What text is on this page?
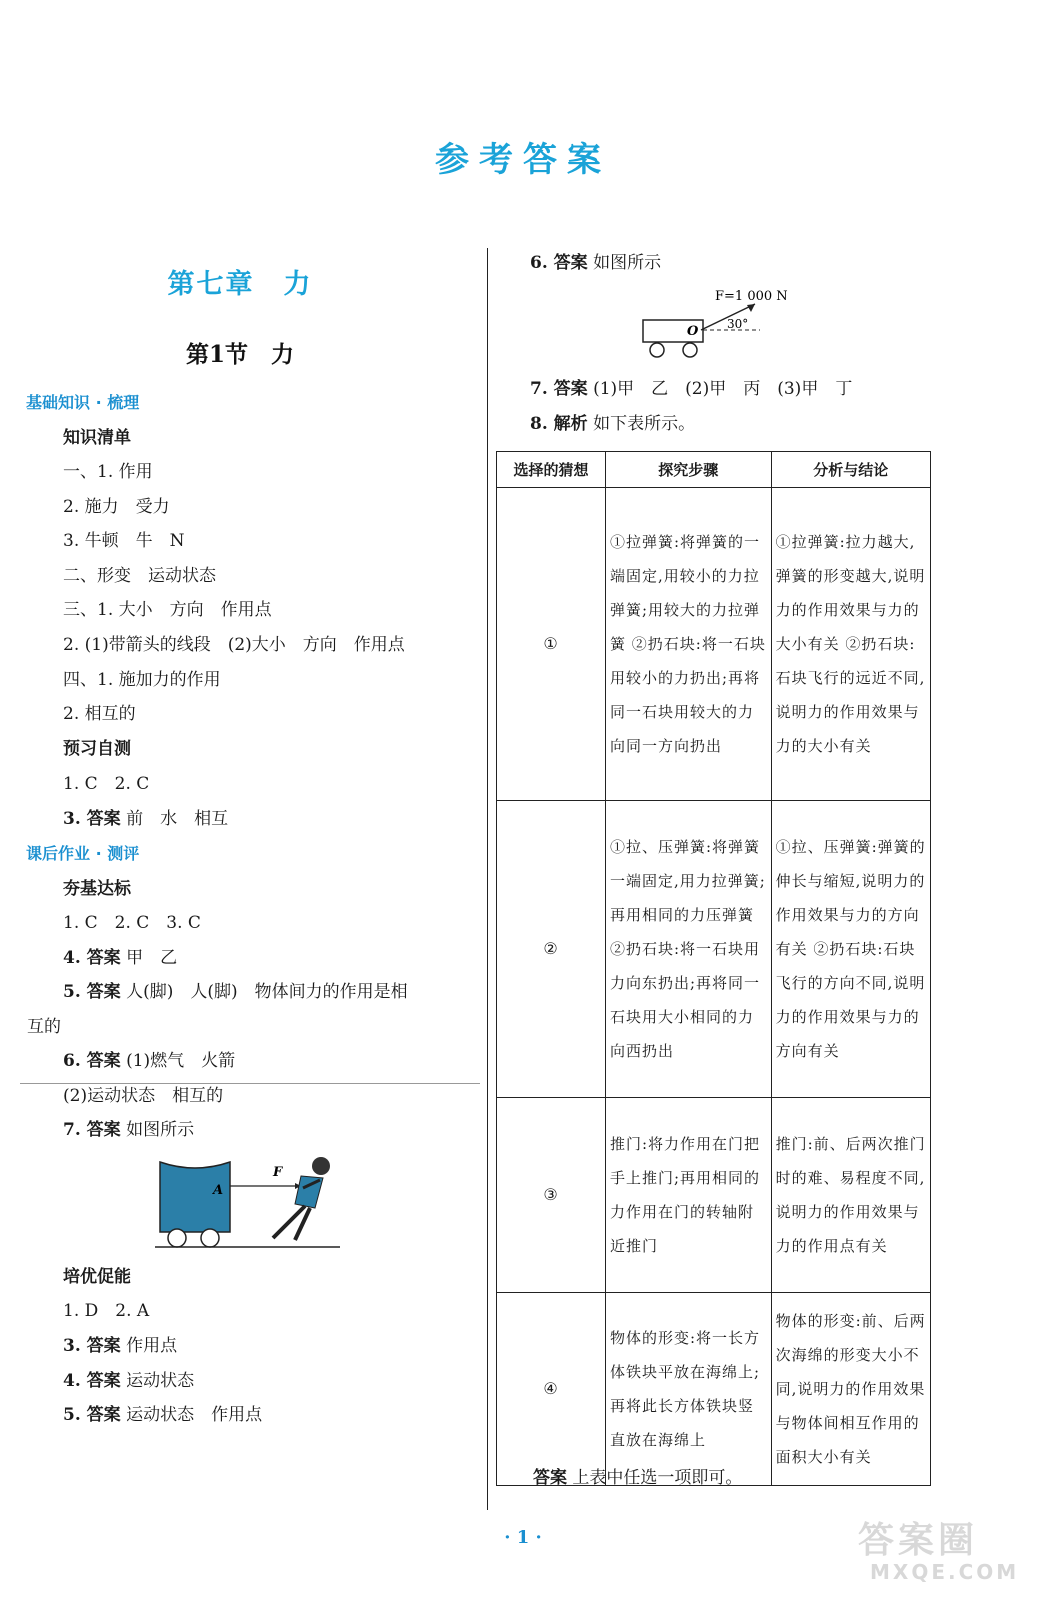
参考答案
第七章　力
第1节　力
基础知识 · 梳理
知识清单
一、1. 作用
2. 施力　受力
3. 牛顿　牛　N
二、形变　运动状态
三、1. 大小　方向　作用点
2. (1)带箭头的线段　(2)大小　方向　作用点
四、1. 施加力的作用
2. 相互的
预习自测
1. C　2. C
3. 答案 前　水　相互
课后作业 · 测评
夯基达标
1. C　2. C　3. C
4. 答案 甲　乙
5. 答案 人(脚)　人(脚)　物体间力的作用是相
互的
6. 答案 (1)燃气　火箭
(2)运动状态　相互的
7. 答案 如图所示
F
A
培优促能
1. D　2. A
3. 答案 作用点
4. 答案 运动状态
5. 答案 运动状态　作用点
6. 答案 如图所示
F=1 000 N
O 30°
7. 答案 (1)甲　乙　(2)甲　丙　(3)甲　丁
8. 解析 如下表所示。
选择的猜想	探究步骤	分析与结论
①	①拉弹簧:将弹簧的一端固定,用较小的力拉弹簧;用较大的力拉弹簧 ②扔石块:将一石块用较小的力扔出;再将同一石块用较大的力向同一方向扔出	①拉弹簧:拉力越大,弹簧的形变越大,说明力的作用效果与力的大小有关 ②扔石块:石块飞行的远近不同,说明力的作用效果与力的大小有关
②	①拉、压弹簧:将弹簧一端固定,用力拉弹簧;再用相同的力压弹簧 ②扔石块:将一石块用力向东扔出;再将同一石块用大小相同的力向西扔出	①拉、压弹簧:弹簧的伸长与缩短,说明力的作用效果与力的方向有关 ②扔石块:石块飞行的方向不同,说明力的作用效果与力的方向有关
③	推门:将力作用在门把手上推门;再用相同的力作用在门的转轴附近推门	推门:前、后两次推门时的难、易程度不同,说明力的作用效果与力的作用点有关
④	物体的形变:将一长方体铁块平放在海绵上;再将此长方体铁块竖直放在海绵上	物体的形变:前、后两次海绵的形变大小不同,说明力的作用效果与物体间相互作用的面积大小有关
答案 上表中任选一项即可。
· 1 ·	答案圈
MXQE.COM
